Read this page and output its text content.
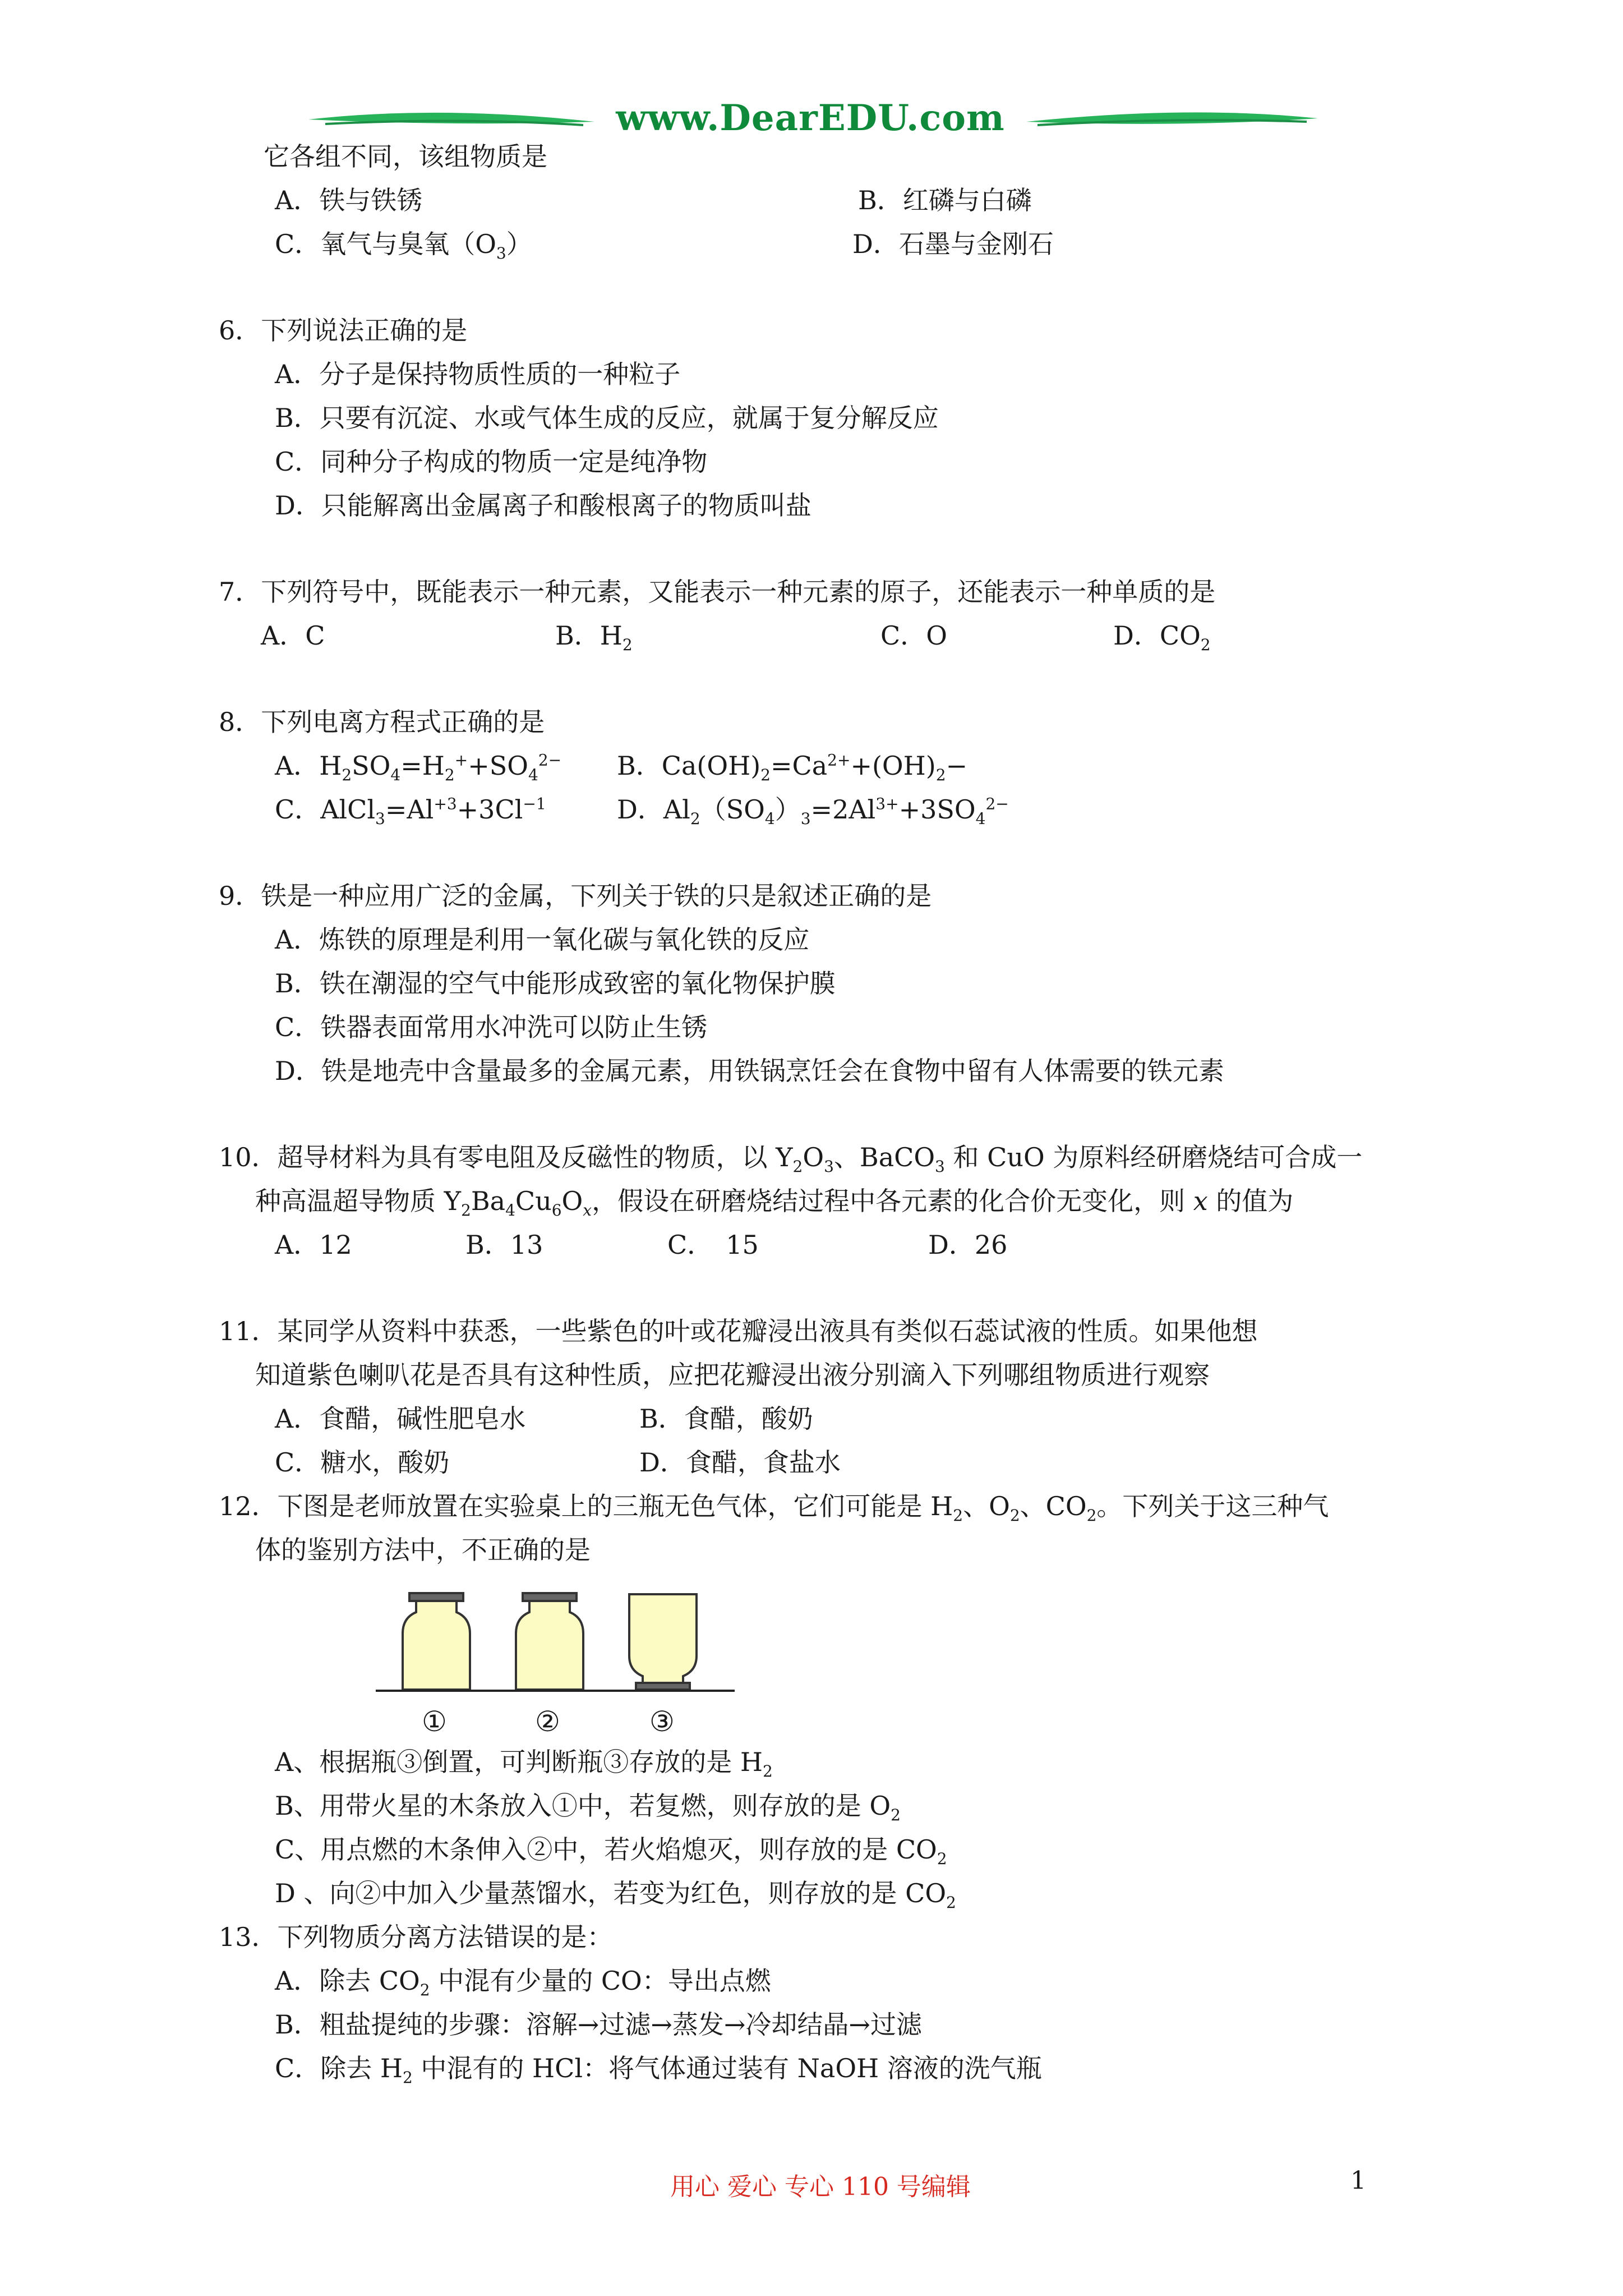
www.DearEDU.com
它各组不同，该组物质是
A．铁与铁锈	B．红磷与白磷
C．氧气与臭氧$(O_3)$	D．石墨与金刚石
6．下列说法正确的是
A．分子是保持物质性质的一种粒子
B．只要有沉淀、水或气体生成的反应，就属于复分解反应
C．同种分子构成的物质一定是纯净物
D．只能解离出金属离子和酸根离子的物质叫盐
7．下列符号中，既能表示一种元素，又能表示一种元素的原子，还能表示一种单质的是
A．C	B．$H_2$	C．O	D．$CO_2$
8．下列电离方程式正确的是
A．$H_2SO_4=H_2^++SO_4^{2-}$ B．$Ca(OH)_2=Ca^{2+}+(OH)_2-$
C．$AlCl_3=Al^{+3}+3Cl^{-1}$	D．$Al_2(SO_4)_3=2Al^{3+}+3SO_4^{2-}$
9．铁是一种应用广泛的金属，下列关于铁的只是叙述正确的是
A．炼铁的原理是利用一氧化碳与氧化铁的反应
B．铁在潮湿的空气中能形成致密的氧化物保护膜
C．铁器表面常用水冲洗可以防止生锈
D．铁是地壳中含量最多的金属元素，用铁锅烹饪会在食物中留有人体需要的铁元素
10．超导材料为具有零电阻及反磁性的物质，以 $Y_2O_3$、BaCO$_3$ 和 CuO 为原料经研磨烧结可合成一
种高温超导物质 $Y_2Ba_4Cu_6O_x$，假设在研磨烧结过程中各元素的化合价无变化，则 x 的值为
A．12	B．13	C．　15	D．26
11．某同学从资料中获悉，一些紫色的叶或花瓣浸出液具有类似石蕊试液的性质。如果他想
知道紫色喇叭花是否具有这种性质，应把花瓣浸出液分别滴入下列哪组物质进行观察
A．食醋，碱性肥皂水	B．食醋，酸奶
C．糖水，酸奶	D．食醋，食盐水
12．下图是老师放置在实验桌上的三瓶无色气体，它们可能是 $H_2$、$O_2$、$CO_2$。下列关于这三种气
体的鉴别方法中，不正确的是
①	②	③
A、根据瓶③倒置，可判断瓶③存放的是 $H_2$
B、用带火星的木条放入①中，若复燃，则存放的是 $O_2$
C、用点燃的木条伸入②中，若火焰熄灭，则存放的是 $CO_2$
D 、向②中加入少量蒸馏水，若变为红色，则存放的是 $CO_2$
13．下列物质分离方法错误的是：
A．除去 $CO_2$ 中混有少量的 CO：导出点燃
B．粗盐提纯的步骤：溶解→过滤→蒸发→冷却结晶→过滤
C．除去 $H_2$ 中混有的 HCl：将气体通过装有 NaOH 溶液的洗气瓶
用心 爱心 专心 110 号编辑	1
